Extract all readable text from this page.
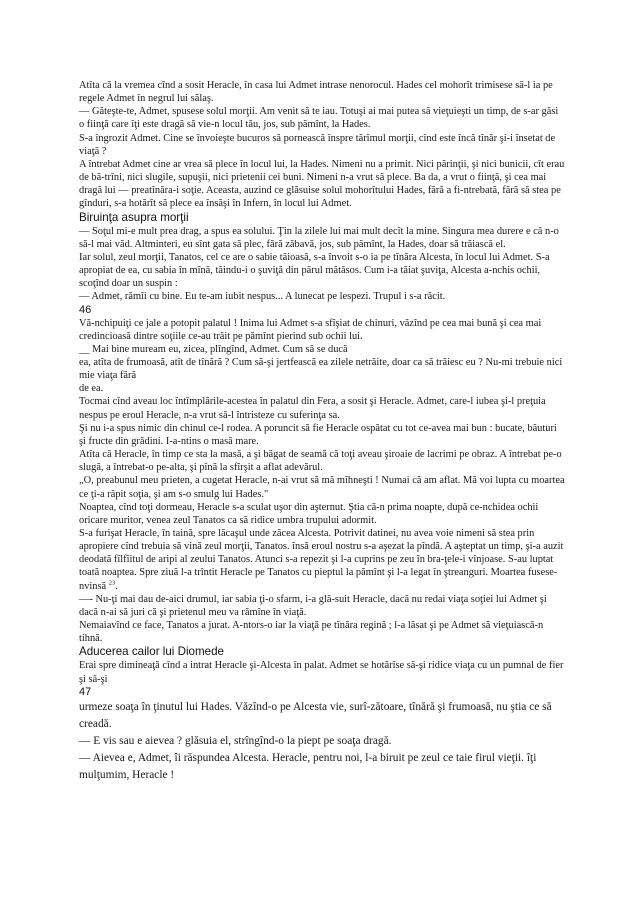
Atîta că la vremea cînd a sosit Heracle, în casa lui Admet intrase nenorocul. Hades cel mohorît trimisese să-l ia pe regele Admet în negrul lui sălaş.

— Găteşte-te, Admet, spusese solul morţii. Am venit să te iau. Totuşi ai mai putea să vieţuieşti un timp, de s-ar găsi o fiinţă care îţi este dragă să vie-n locul tău, jos, sub pămînt, la Hades.

S-a îngrozit Admet. Cine se învoieşte bucuros să pornească înspre tărîmul morţii, cînd este încă tînăr şi-i însetat de viaţă ?

A întrebat Admet cine ar vrea să plece în locul lui, la Hades. Nimeni nu a primit. Nici părinţii, şi nici bunicii, cît erau de bă-trîni, nici slugile, supuşii, nici prietenii cei buni. Nimeni n-a vrut să plece. Ba da, a vrut o fiinţă, şi cea mai dragă lui — preatînăra-i soţie. Aceasta, auzind ce glăsuise solul mohorîtului Hades, fără a fi-ntrebată, fără să stea pe gînduri, s-a hotărît să plece ea însăşi în Infern, în locul lui Admet.

Biruinţa asupra morţii

— Soţul mi-e mult prea drag, a spus ea solului. Ţin la zilele lui mai mult decît la mine. Singura mea durere e că n-o să-l mai văd. Altminteri, eu sînt gata să plec, fără zăbavă, jos, sub pămînt, la Hades, doar să trăiască el.

Iar solul, zeul morţii, Tanatos, cel ce are o sabie tăioasă, s-a învoit s-o ia pe tînăra Alcesta, în locul lui Admet. S-a apropiat de ea, cu sabia în mînă, tăindu-i o şuviţă din părul mătăsos. Cum i-a tăiat şuviţa, Alcesta a-nchis ochii, scoţînd doar un suspin :

— Admet, rămîi cu bine. Eu te-am iubit nespus... A lunecat pe lespezi. Trupul i s-a răcit.

46

Vă-nchipuiţi ce jale a potopit palatul ! Inima lui Admet s-a sfîşiat de chinuri, văzînd pe cea mai bună şi cea mai credincioasă dintre soţiile ce-au trăit pe pămînt pierind sub ochii lui.

__ Mai bine muream eu, zicea, plîngînd, Admet. Cum să se ducă

ea, atîta de frumoasă, atît de tînără ? Cum să-şi jertfească ea zilele netrăite, doar ca să trăiesc eu ? Nu-mi trebuie nici mie viaţa fără

de ea.

Tocmai cînd aveau loc întîmplările-acestea în palatul din Fera, a sosit şi Heracle. Admet, care-l iubea şi-l preţuia nespus pe eroul Heracle, n-a vrut să-l întristeze cu suferinţa sa.

Şi nu i-a spus nimic din chinul ce-l rodea. A poruncit să fie Heracle ospătat cu tot ce-avea mai bun : bucate, băuturi şi fructe din grădini. I-a-ntins o masă mare.

Atîta că Heracle, în timp ce sta la masă, a şi băgat de seamă că toţi aveau şiroaie de lacrimi pe obraz. A întrebat pe-o slugă, a întrebat-o pe-alta, şi pînă la sfîrşit a aflat adevărul.

„O, preabunul meu prieten, a cugetat Heracle, n-ai vrut să mă mîhneşti ! Numai că am aflat. Mă voi lupta cu moartea ce ţi-a răpit soţia, şi am s-o smulg lui Hades."

Noaptea, cînd toţi dormeau, Heracle s-a sculat uşor din aşternut. Ştia că-n prima noapte, după ce-nchidea ochii oricare muritor, venea zeul Tanatos ca să ridice umbra trupului adormit.

S-a furişat Heracle, în taină, spre lăcaşul unde zăcea Alcesta. Potrivit datinei, nu avea voie nimeni să stea prin apropiere cînd trebuia să vină zeul morţii, Tanatos. însă eroul nostru s-a aşezat la pîndă. A aşteptat un timp, şi-a auzit deodată fîlfîitul de aripi al zeului Tanatos. Atunci s-a repezit şi l-a cuprins pe zeu în bra-ţele-i vînjoase. S-au luptat toată noaptea. Spre ziuă l-a trîntit Heracle pe Tanatos cu pieptul la pămînt şi l-a legat în ştreanguri. Moartea fusese-nvinsă $^{23}$.

—- Nu-ţi mai dau de-aici drumul, iar sabia ţi-o sfarm, i-a glă-suit Heracle, dacă nu redai viaţa soţiei lui Admet şi dacă n-ai să juri că şi prietenul meu va rămîne în viaţă.

Nemaiavînd ce face, Tanatos a jurat. A-ntors-o iar la viaţă pe tînăra regină ; l-a lăsat şi pe Admet să vieţuiască-n tihnă.

Aducerea cailor lui Diomede

Erai spre dimineaţă cînd a intrat Heracle şi-Alcesta în palat. Admet se hotărîse să-şi ridice viaţa cu un pumnal de fier şi să-şi

47

urmeze soaţa în ţinutul lui Hades. Văzînd-o pe Alcesta vie, surî-zătoare, tînără şi frumoasă, nu ştia ce să creadă.

— E vis sau e aievea ? glăsuia el, strîngînd-o la piept pe soaţa dragă.

— Aievea e, Admet, îi răspundea Alcesta. Heracle, pentru noi, l-a biruit pe zeul ce taie firul vieţii. îţi mulţumim, Heracle !
